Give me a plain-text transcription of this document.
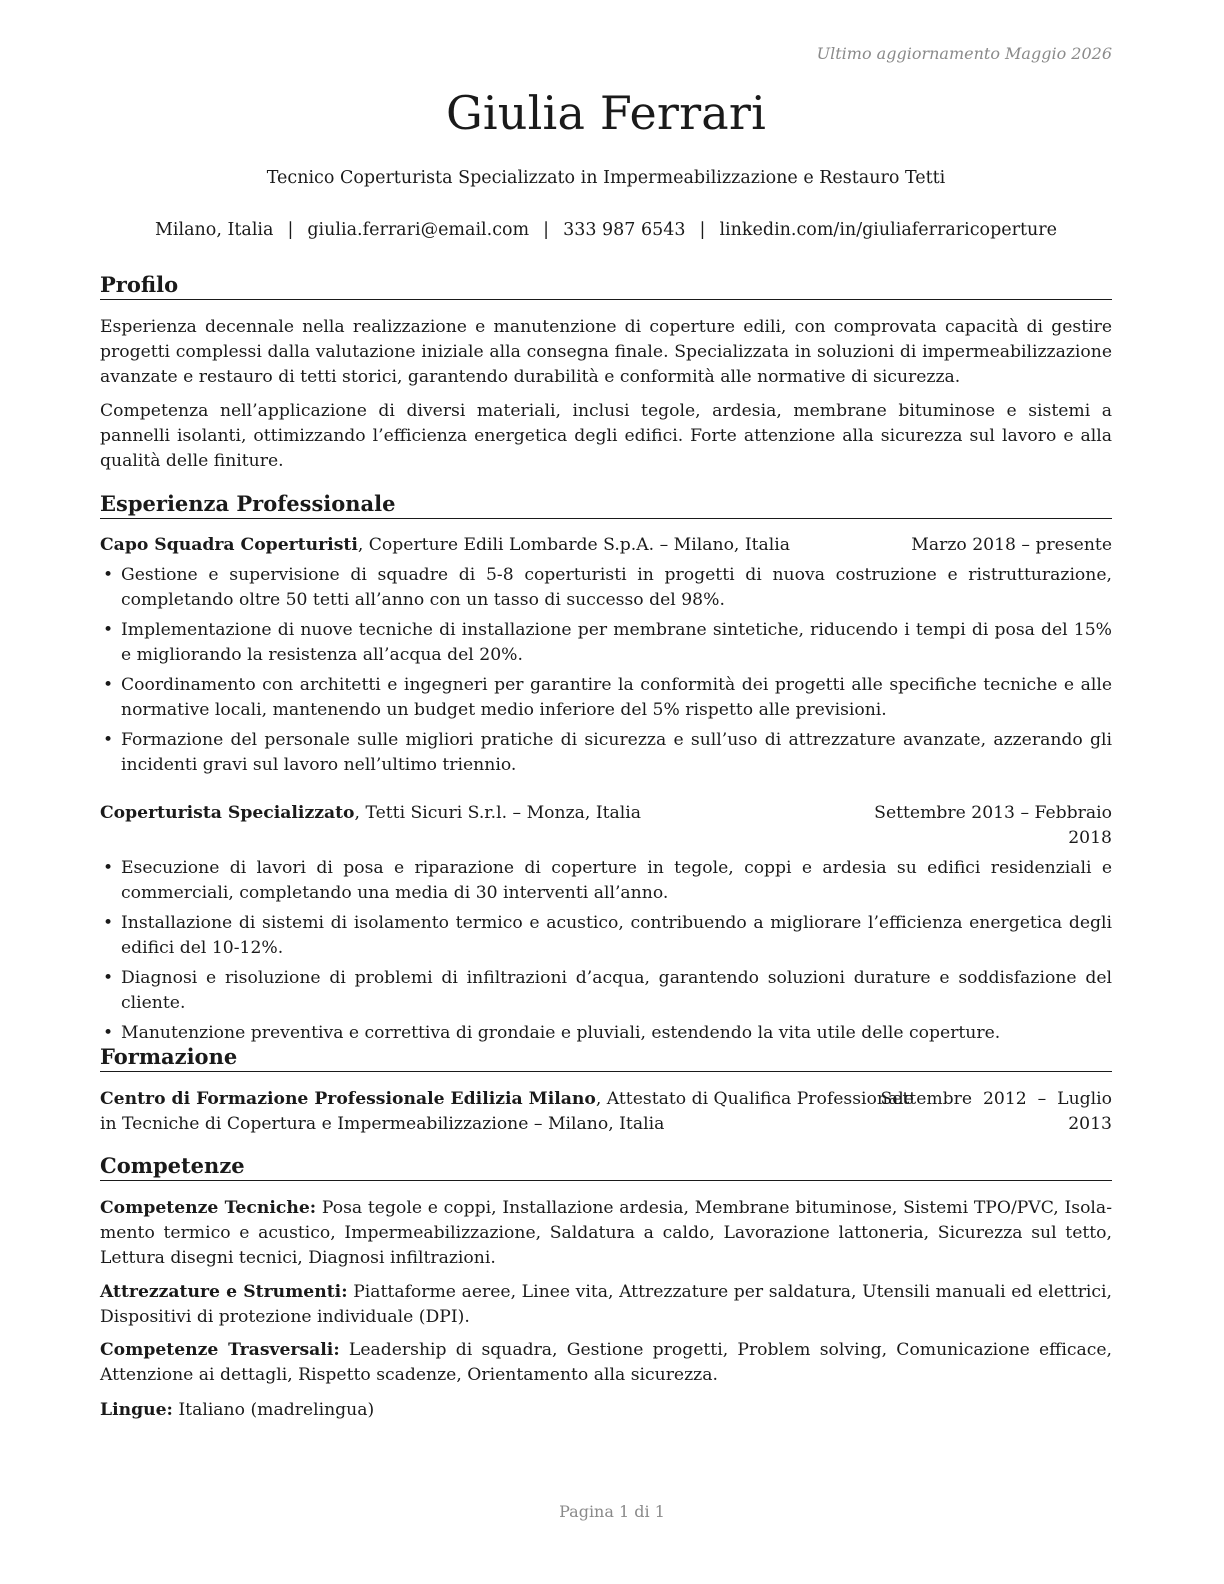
Ultimo aggiornamento Maggio 2026
Giulia Ferrari
Tecnico Coperturista Specializzato in Impermeabilizzazione e Restauro Tetti
Milano, Italia | giulia.ferrari@email.com | 333 987 6543 | linkedin.com/in/giuliaferraricoperture
Profilo
Esperienza decennale nella realizzazione e manutenzione di coperture edili, con comprovata capacità di gestire progetti complessi dalla valutazione iniziale alla consegna finale. Specializzata in soluzioni di impermeabilizzazione avanzate e restauro di tetti storici, garantendo durabilità e conformità alle normative di sicurezza.
Competenza nell’applicazione di diversi materiali, inclusi tegole, ardesia, membrane bituminose e sistemi a pannelli isolanti, ottimizzando l’efficienza energetica degli edifici. Forte attenzione alla sicurezza sul lavoro e alla qualità delle finiture.
Esperienza Professionale
Capo Squadra Coperturisti, Coperture Edili Lombarde S.p.A. – Milano, Italia	Marzo 2018 – presente
• Gestione e supervisione di squadre di 5-8 coperturisti in progetti di nuova costruzione e ristrutturazione, completando oltre 50 tetti all’anno con un tasso di successo del 98%.
• Implementazione di nuove tecniche di installazione per membrane sintetiche, riducendo i tempi di posa del 15% e migliorando la resistenza all’acqua del 20%.
• Coordinamento con architetti e ingegneri per garantire la conformità dei progetti alle specifiche tecniche e alle normative locali, mantenendo un budget medio inferiore del 5% rispetto alle previsioni.
• Formazione del personale sulle migliori pratiche di sicurezza e sull’uso di attrezzature avanzate, azzerando gli incidenti gravi sul lavoro nell’ultimo triennio.
Coperturista Specializzato, Tetti Sicuri S.r.l. – Monza, Italia	Settembre 2013 – Febbraio
2018
• Esecuzione di lavori di posa e riparazione di coperture in tegole, coppi e ardesia su edifici residenziali e commerciali, completando una media di 30 interventi all’anno.
• Installazione di sistemi di isolamento termico e acustico, contribuendo a migliorare l’efficienza energetica degli edifici del 10-12%.
• Diagnosi e risoluzione di problemi di infiltrazioni d’acqua, garantendo soluzioni durature e soddisfazione del cliente.
• Manutenzione preventiva e correttiva di grondaie e pluviali, estendendo la vita utile delle coperture.
Formazione
Centro di Formazione Professionale Edilizia Milano, Attestato di Qualifica Professionale
in Tecniche di Copertura e Impermeabilizzazione – Milano, Italia
Settembre  2012  –  Luglio
2013
Competenze
Competenze Tecniche: Posa tegole e coppi, Installazione ardesia, Membrane bituminose, Sistemi TPO/PVC, Isolamento termico e acustico, Impermeabilizzazione, Saldatura a caldo, Lavorazione lattoneria, Sicurezza sul tetto, Lettura disegni tecnici, Diagnosi infiltrazioni.
Attrezzature e Strumenti: Piattaforme aeree, Linee vita, Attrezzature per saldatura, Utensili manuali ed elettrici, Dispositivi di protezione individuale (DPI).
Competenze Trasversali: Leadership di squadra, Gestione progetti, Problem solving, Comunicazione efficace, Attenzione ai dettagli, Rispetto scadenze, Orientamento alla sicurezza.
Lingue: Italiano (madrelingua)
Pagina 1 di 1
